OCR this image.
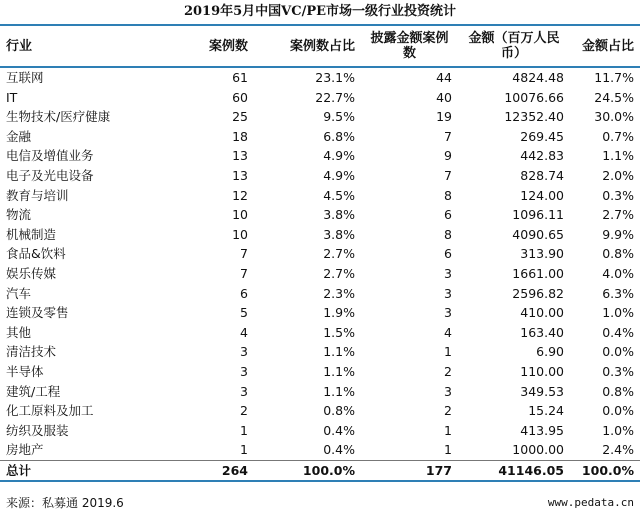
2019年5月中国VC/PE市场一级行业投资统计
行业	案例数	案例数占比	披露金额案例数	金额（百万人民币）	金额占比
互联网	61	23.1%	44	4824.48	11.7%
IT	60	22.7%	40	10076.66	24.5%
生物技术/医疗健康	25	9.5%	19	12352.40	30.0%
金融	18	6.8%	7	269.45	0.7%
电信及增值业务	13	4.9%	9	442.83	1.1%
电子及光电设备	13	4.9%	7	828.74	2.0%
教育与培训	12	4.5%	8	124.00	0.3%
物流	10	3.8%	6	1096.11	2.7%
机械制造	10	3.8%	8	4090.65	9.9%
食品&饮料	7	2.7%	6	313.90	0.8%
娱乐传媒	7	2.7%	3	1661.00	4.0%
汽车	6	2.3%	3	2596.82	6.3%
连锁及零售	5	1.9%	3	410.00	1.0%
其他	4	1.5%	4	163.40	0.4%
清洁技术	3	1.1%	1	6.90	0.0%
半导体	3	1.1%	2	110.00	0.3%
建筑/工程	3	1.1%	3	349.53	0.8%
化工原料及加工	2	0.8%	2	15.24	0.0%
纺织及服装	1	0.4%	1	413.95	1.0%
房地产	1	0.4%	1	1000.00	2.4%
总计	264	100.0%	177	41146.05	100.0%
来源：私募通 2019.6	www.pedata.cn
